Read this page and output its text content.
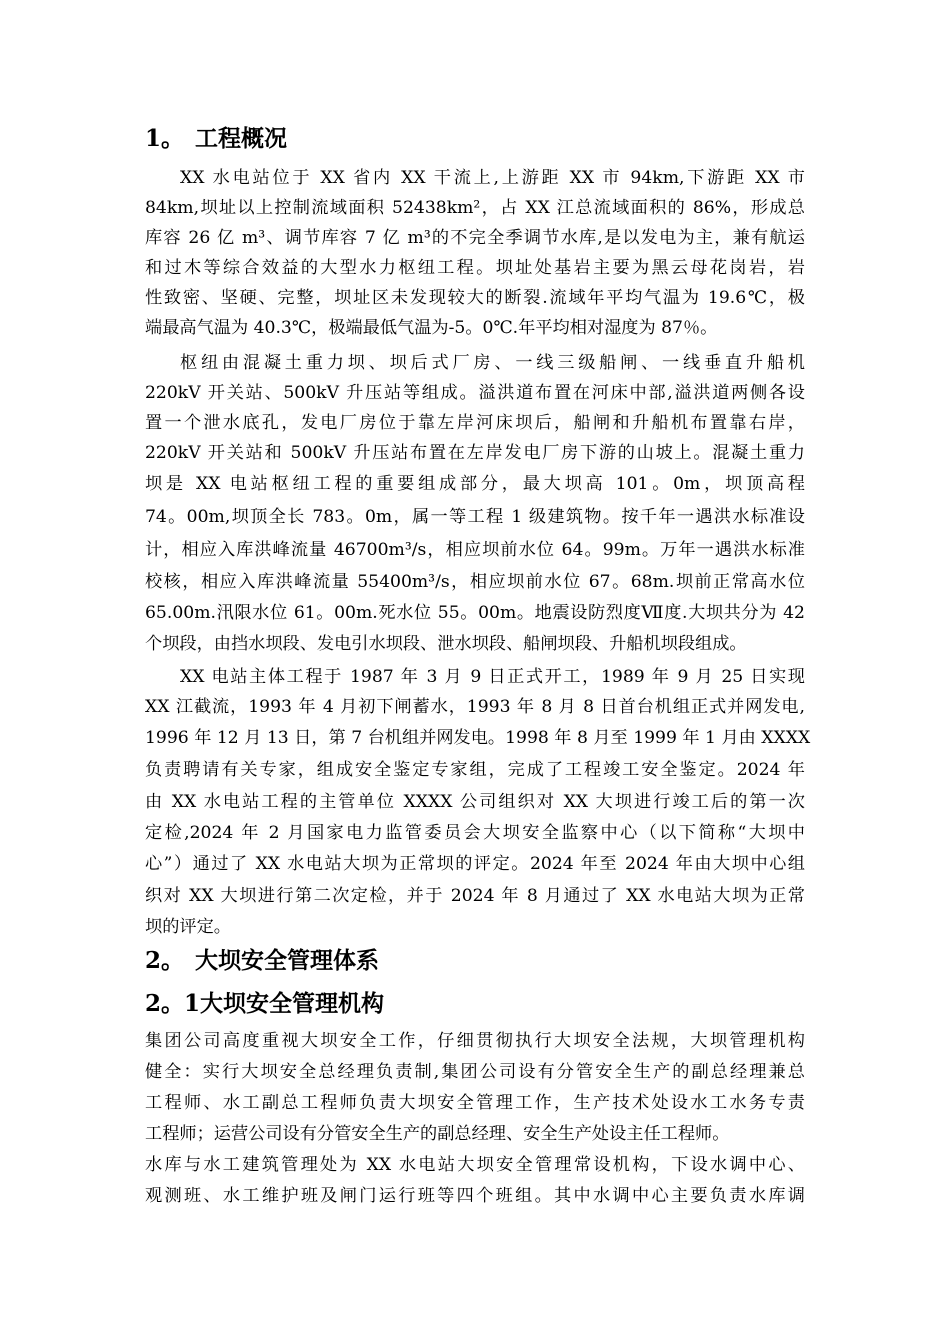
1。 工程概况
XX 水电站位于 XX 省内 XX 干流上,上游距 XX 市 94km,下游距 XX 市
84km,坝址以上控制流域面积 52438km²，占 XX 江总流域面积的 86%，形成总
库容 26 亿 m³、调节库容 7 亿 m³的不完全季调节水库,是以发电为主，兼有航运
和过木等综合效益的大型水力枢纽工程。坝址处基岩主要为黑云母花岗岩，岩
性致密、坚硬、完整，坝址区未发现较大的断裂.流域年平均气温为 19.6℃，极
端最高气温为 40.3℃，极端最低气温为-5。0℃.年平均相对湿度为 87％。
枢纽由混凝土重力坝、坝后式厂房、一线三级船闸、一线垂直升船机
220kV 开关站、500kV 升压站等组成。溢洪道布置在河床中部,溢洪道两侧各设
置一个泄水底孔，发电厂房位于靠左岸河床坝后，船闸和升船机布置靠右岸，
220kV 开关站和 500kV 升压站布置在左岸发电厂房下游的山坡上。混凝土重力
坝是 XX 电站枢纽工程的重要组成部分，最大坝高 101。0m，坝顶高程
74。00m,坝顶全长 783。0m，属一等工程 1 级建筑物。按千年一遇洪水标准设
计，相应入库洪峰流量 46700m³/s，相应坝前水位 64。99m。万年一遇洪水标准
校核，相应入库洪峰流量 55400m³/s，相应坝前水位 67。68m.坝前正常高水位
65.00m.汛限水位 61。00m.死水位 55。00m。地震设防烈度Ⅶ度.大坝共分为 42
个坝段，由挡水坝段、发电引水坝段、泄水坝段、船闸坝段、升船机坝段组成。
XX 电站主体工程于 1987 年 3 月 9 日正式开工，1989 年 9 月 25 日实现
XX 江截流，1993 年 4 月初下闸蓄水，1993 年 8 月 8 日首台机组正式并网发电,
1996 年 12 月 13 日，第 7 台机组并网发电。1998 年 8 月至 1999 年 1 月由 XXXX
负责聘请有关专家，组成安全鉴定专家组，完成了工程竣工安全鉴定。2024 年
由 XX 水电站工程的主管单位 XXXX 公司组织对 XX 大坝进行竣工后的第一次
定检,2024 年 2 月国家电力监管委员会大坝安全监察中心（以下简称“大坝中
心”）通过了 XX 水电站大坝为正常坝的评定。2024 年至 2024 年由大坝中心组
织对 XX 大坝进行第二次定检，并于 2024 年 8 月通过了 XX 水电站大坝为正常
坝的评定。
2。 大坝安全管理体系
2。1大坝安全管理机构
集团公司高度重视大坝安全工作，仔细贯彻执行大坝安全法规，大坝管理机构
健全：实行大坝安全总经理负责制,集团公司设有分管安全生产的副总经理兼总
工程师、水工副总工程师负责大坝安全管理工作，生产技术处设水工水务专责
工程师；运营公司设有分管安全生产的副总经理、安全生产处设主任工程师。
水库与水工建筑管理处为 XX 水电站大坝安全管理常设机构，下设水调中心、
观测班、水工维护班及闸门运行班等四个班组。其中水调中心主要负责水库调
